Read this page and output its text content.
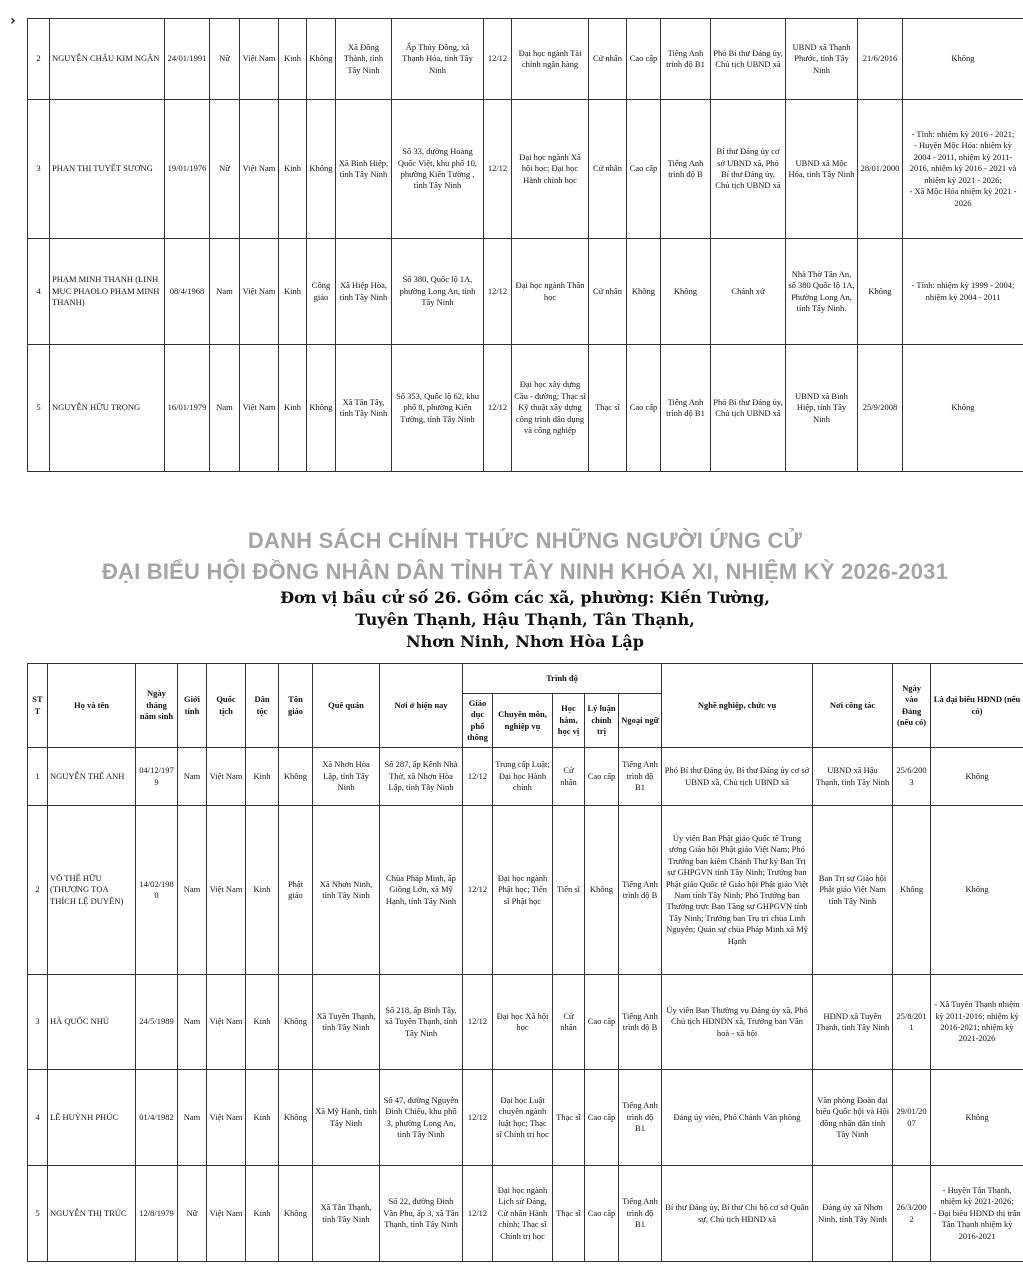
›
2	NGUYỄN CHÂU KIM NGÂN	24/01/1991	Nữ	Việt Nam	Kinh	Không	Xã Đông Thành, tỉnh Tây Ninh	Ấp Thủy Đông, xã Thạnh Hóa, tỉnh Tây Ninh	12/12	Đại học ngành Tài chính ngân hàng	Cử nhân	Cao cấp	Tiếng Anh trình độ B1	Phó Bí thư Đảng ủy, Chủ tịch UBND xã	UBND xã Thạnh Phước, tỉnh Tây Ninh	21/6/2016	Không
3	PHAN THỊ TUYẾT SƯƠNG	19/01/1976	Nữ	Việt Nam	Kinh	Không	Xã Bình Hiệp, tỉnh Tây Ninh	Số 33, đường Hoàng Quốc Việt, khu phố 10, phường Kiến Tường , tỉnh Tây Ninh	12/12	Đại học ngành Xã hội học; Đại học Hành chính học	Cử nhân	Cao cấp	Tiếng Anh trình độ B	Bí thư Đảng ủy cơ sở UBND xã, Phó Bí thư Đảng ủy, Chủ tịch UBND xã	UBND xã Mộc Hóa, tỉnh Tây Ninh	28/01/2000	- Tỉnh: nhiệm kỳ 2016 - 2021;
- Huyện Mộc Hóa: nhiệm kỳ 2004 - 2011, nhiệm kỳ 2011-2016, nhiệm kỳ 2016 - 2021 và nhiệm kỳ 2021 - 2026;
- Xã Mộc Hóa nhiệm kỳ 2021 - 2026
4	PHẠM MINH THANH (LINH MỤC PHAOLO PHẠM MINH THANH)	08/4/1968	Nam	Việt Nam	Kinh	Công giáo	Xã Hiệp Hòa, tỉnh Tây Ninh	Số 380, Quốc lộ 1A, phường Long An, tỉnh Tây Ninh	12/12	Đại học ngành Thần học	Cử nhân	Không	Không	Chánh xứ	Nhà Thờ Tân An, số 380 Quốc lộ 1A, Phường Long An, tỉnh Tây Ninh.	Không	- Tỉnh: nhiệm kỳ 1999 - 2004; nhiệm kỳ 2004 - 2011
5	NGUYỄN HỮU TRỌNG	16/01/1979	Nam	Việt Nam	Kinh	Không	Xã Tân Tây, tỉnh Tây Ninh	Số 353, Quốc lộ 62, khu phố 8, phường Kiến Tường, tỉnh Tây Ninh	12/12	Đại học xây dựng Cầu - đường; Thạc sĩ Kỹ thuật xây dựng công trình dân dụng và công nghiệp	Thạc sĩ	Cao cấp	Tiếng Anh trình độ B1	Phó Bí thư Đảng ủy, Chủ tịch UBND xã	UBND xã Bình Hiệp, tỉnh Tây Ninh	25/9/2008	Không
DANH SÁCH CHÍNH THỨC NHỮNG NGƯỜI ỨNG CỬ
ĐẠI BIỂU HỘI ĐỒNG NHÂN DÂN TỈNH TÂY NINH KHÓA XI, NHIỆM KỲ 2026-2031
Đơn vị bầu cử số 26. Gồm các xã, phường: Kiến Tường,
Tuyên Thạnh, Hậu Thạnh, Tân Thạnh,
Nhơn Ninh, Nhơn Hòa Lập
STT	Họ và tên	Ngày tháng năm sinh	Giới tính	Quốc tịch	Dân tộc	Tôn giáo	Quê quán	Nơi ở hiện nay	Trình độ					Nghề nghiệp, chức vụ	Nơi công tác	Ngày vào Đảng (nếu có)	Là đại biểu HĐND (nếu có)
									Giáo dục phổ thông	Chuyên môn, nghiệp vụ	Học hàm, học vị	Lý luận chính trị	Ngoại ngữ				
1	NGUYỄN THẾ ANH	04/12/1979	Nam	Việt Nam	Kinh	Không	Xã Nhơn Hòa Lập, tỉnh Tây Ninh	Số 287, ấp Kênh Nhà Thờ, xã Nhơn Hòa Lập, tỉnh Tây Ninh	12/12	Trung cấp Luật; Đại học Hành chính	Cử nhân	Cao cấp	Tiếng Anh trình độ B1	Phó Bí thư Đảng ủy, Bí thư Đảng ủy cơ sở UBND xã, Chủ tịch UBND xã	UBND xã Hậu Thạnh, tỉnh Tây Ninh	25/6/2003	Không
2	VÕ THẾ HỮU (THƯỢNG TỌA THÍCH LỆ DUYÊN)	14/02/1980	Nam	Việt Nam	Kinh	Phật giáo	Xã Nhơn Ninh, tỉnh Tây Ninh	Chùa Pháp Minh, ấp Giồng Lớn, xã Mỹ Hạnh, tỉnh Tây Ninh	12/12	Đại học ngành Phật học; Tiến sĩ Phật học	Tiến sĩ	Không	Tiếng Anh trình độ B	Ủy viên Ban Phật giáo Quốc tế Trung ương Giáo hội Phật giáo Việt Nam; Phó Trưởng ban kiêm Chánh Thư ký Ban Trị sự GHPGVN tỉnh Tây Ninh; Trưởng ban Phật giáo Quốc tế Giáo hội Phật giáo Việt Nam tỉnh Tây Ninh; Phó Trưởng ban Thường trực Ban Tăng sự GHPGVN tỉnh Tây Ninh; Trưởng ban Trụ trì chùa Linh Nguyên; Quản sự chùa Pháp Minh xã Mỹ Hạnh	Ban Trị sự Giáo hội Phật giáo Việt Nam tỉnh Tây Ninh	Không	Không
3	HÀ QUỐC NHỦ	24/5/1989	Nam	Việt Nam	Kinh	Không	Xã Tuyên Thạnh, tỉnh Tây Ninh	Số 218, ấp Bình Tây, xã Tuyên Thạnh, tỉnh Tây Ninh	12/12	Đại học Xã hội học	Cử nhân	Cao cấp	Tiếng Anh trình độ B	Ủy viên Ban Thường vụ Đảng ủy xã, Phó Chủ tịch HĐNDN xã, Trưởng ban Văn hoá - xã hội	HĐND xã Tuyên Thạnh, tỉnh Tây Ninh	25/8/2011	- Xã Tuyên Thạnh nhiệm kỳ 2011-2016; nhiệm kỳ 2016-2021; nhiệm kỳ 2021-2026
4	LÊ HUỲNH PHÚC	01/4/1982	Nam	Việt Nam	Kinh	Không	Xã Mỹ Hạnh, tỉnh Tây Ninh	Số 47, đường Nguyễn Đình Chiểu, khu phố 3, phường Long An, tỉnh Tây Ninh	12/12	Đại học Luật chuyên ngành luật học; Thạc sĩ Chính trị học	Thạc sĩ	Cao cấp	Tiếng Anh trình độ B1	Đảng ủy viên, Phó Chánh Văn phòng	Văn phòng Đoàn đại biểu Quốc hội và Hội đồng nhân dân tỉnh Tây Ninh	29/01/2007	Không
5	NGUYỄN THỊ TRÚC	12/8/1979	Nữ	Việt Nam	Kinh	Không	Xã Tân Thạnh, tỉnh Tây Ninh	Số 22, đường Đinh Văn Phu, ấp 3, xã Tân Thạnh, tỉnh Tây Ninh	12/12	Đại học ngành Lịch sử Đảng, Cử nhân Hành chính; Thạc sĩ Chính trị học	Thạc sĩ	Cao cấp	Tiếng Anh trình độ B1	Bí thư Đảng ủy, Bí thư Chi bộ cơ sở Quân sự, Chủ tịch HĐND xã	Đảng ủy xã Nhơn Ninh, tỉnh Tây Ninh	26/3/2002	- Huyện Tân Thạnh, nhiệm kỳ 2021-2026;
- Đại biểu HĐND thị trấn Tân Thạnh nhiệm kỳ 2016-2021
